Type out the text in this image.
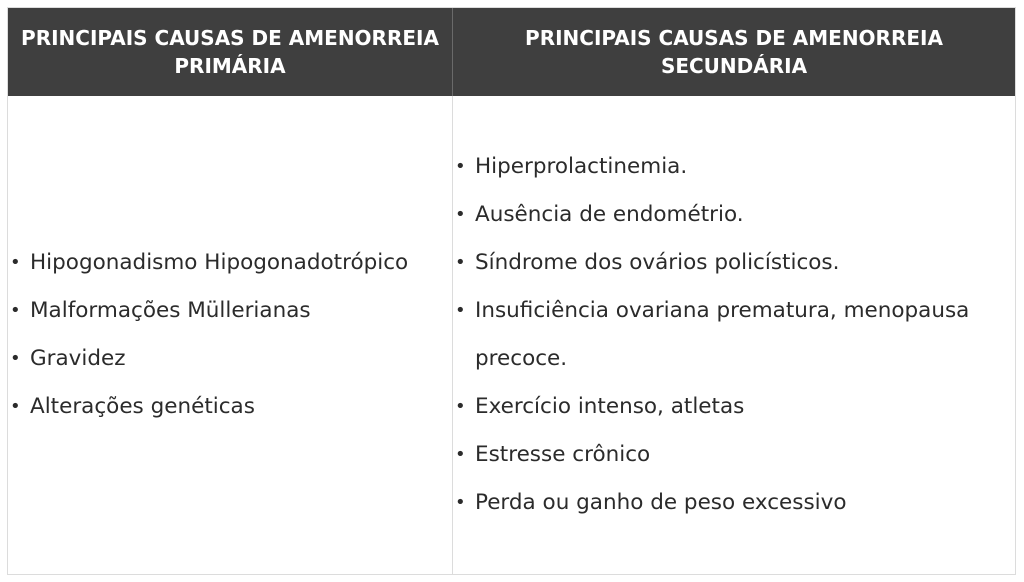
PRINCIPAIS CAUSAS DE AMENORREIA PRIMÁRIA
PRINCIPAIS CAUSAS DE AMENORREIA SECUNDÁRIA
• Hipogonadismo Hipogonadotrópico
• Malformações Müllerianas
• Gravidez
• Alterações genéticas
• Hiperprolactinemia.
• Ausência de endométrio.
• Síndrome dos ovários policísticos.
• Insuficiência ovariana prematura, menopausa precoce.
• Exercício intenso, atletas
• Estresse crônico
• Perda ou ganho de peso excessivo
